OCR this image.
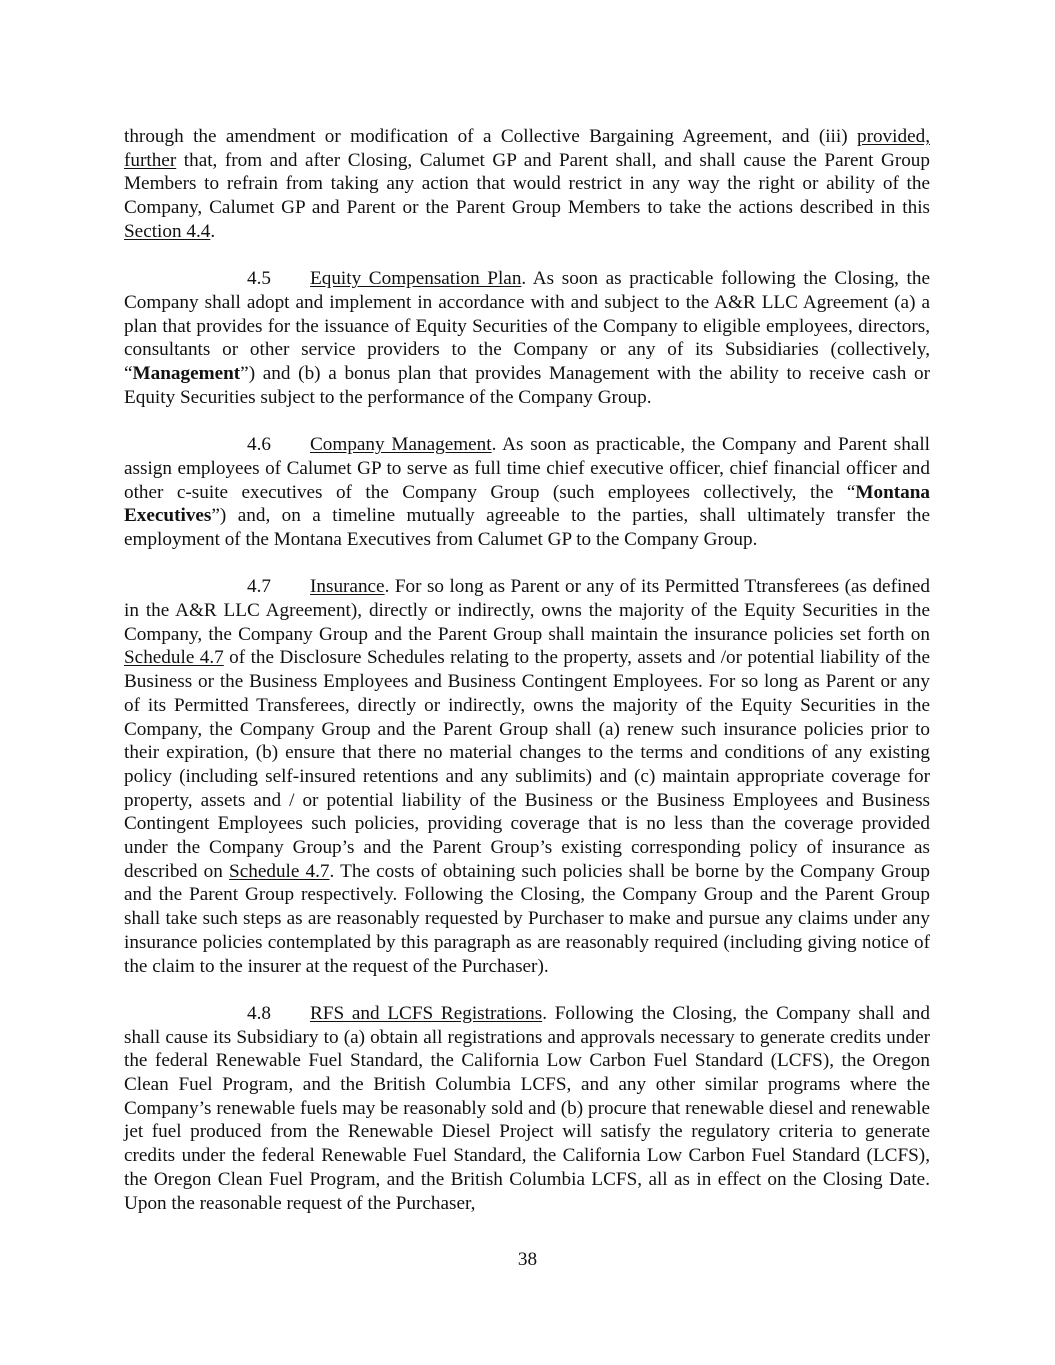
through the amendment or modification of a Collective Bargaining Agreement, and (iii) provided, further that, from and after Closing, Calumet GP and Parent shall, and shall cause the Parent Group Members to refrain from taking any action that would restrict in any way the right or ability of the Company, Calumet GP and Parent or the Parent Group Members to take the actions described in this Section 4.4.

4.5 Equity Compensation Plan. As soon as practicable following the Closing, the Company shall adopt and implement in accordance with and subject to the A&R LLC Agreement (a) a plan that provides for the issuance of Equity Securities of the Company to eligible employees, directors, consultants or other service providers to the Company or any of its Subsidiaries (collectively, “Management”) and (b) a bonus plan that provides Management with the ability to receive cash or Equity Securities subject to the performance of the Company Group.

4.6 Company Management. As soon as practicable, the Company and Parent shall assign employees of Calumet GP to serve as full time chief executive officer, chief financial officer and other c-suite executives of the Company Group (such employees collectively, the “Montana Executives”) and, on a timeline mutually agreeable to the parties, shall ultimately transfer the employment of the Montana Executives from Calumet GP to the Company Group.

4.7 Insurance. For so long as Parent or any of its Permitted Ttransferees (as defined in the A&R LLC Agreement), directly or indirectly, owns the majority of the Equity Securities in the Company, the Company Group and the Parent Group shall maintain the insurance policies set forth on Schedule 4.7 of the Disclosure Schedules relating to the property, assets and /or potential liability of the Business or the Business Employees and Business Contingent Employees. For so long as Parent or any of its Permitted Transferees, directly or indirectly, owns the majority of the Equity Securities in the Company, the Company Group and the Parent Group shall (a) renew such insurance policies prior to their expiration, (b) ensure that there no material changes to the terms and conditions of any existing policy (including self-insured retentions and any sublimits) and (c) maintain appropriate coverage for property, assets and / or potential liability of the Business or the Business Employees and Business Contingent Employees such policies, providing coverage that is no less than the coverage provided under the Company Group’s and the Parent Group’s existing corresponding policy of insurance as described on Schedule 4.7. The costs of obtaining such policies shall be borne by the Company Group and the Parent Group respectively. Following the Closing, the Company Group and the Parent Group shall take such steps as are reasonably requested by Purchaser to make and pursue any claims under any insurance policies contemplated by this paragraph as are reasonably required (including giving notice of the claim to the insurer at the request of the Purchaser).

4.8 RFS and LCFS Registrations. Following the Closing, the Company shall and shall cause its Subsidiary to (a) obtain all registrations and approvals necessary to generate credits under the federal Renewable Fuel Standard, the California Low Carbon Fuel Standard (LCFS), the Oregon Clean Fuel Program, and the British Columbia LCFS, and any other similar programs where the Company’s renewable fuels may be reasonably sold and (b) procure that renewable diesel and renewable jet fuel produced from the Renewable Diesel Project will satisfy the regulatory criteria to generate credits under the federal Renewable Fuel Standard, the California Low Carbon Fuel Standard (LCFS), the Oregon Clean Fuel Program, and the British Columbia LCFS, all as in effect on the Closing Date. Upon the reasonable request of the Purchaser,

38
